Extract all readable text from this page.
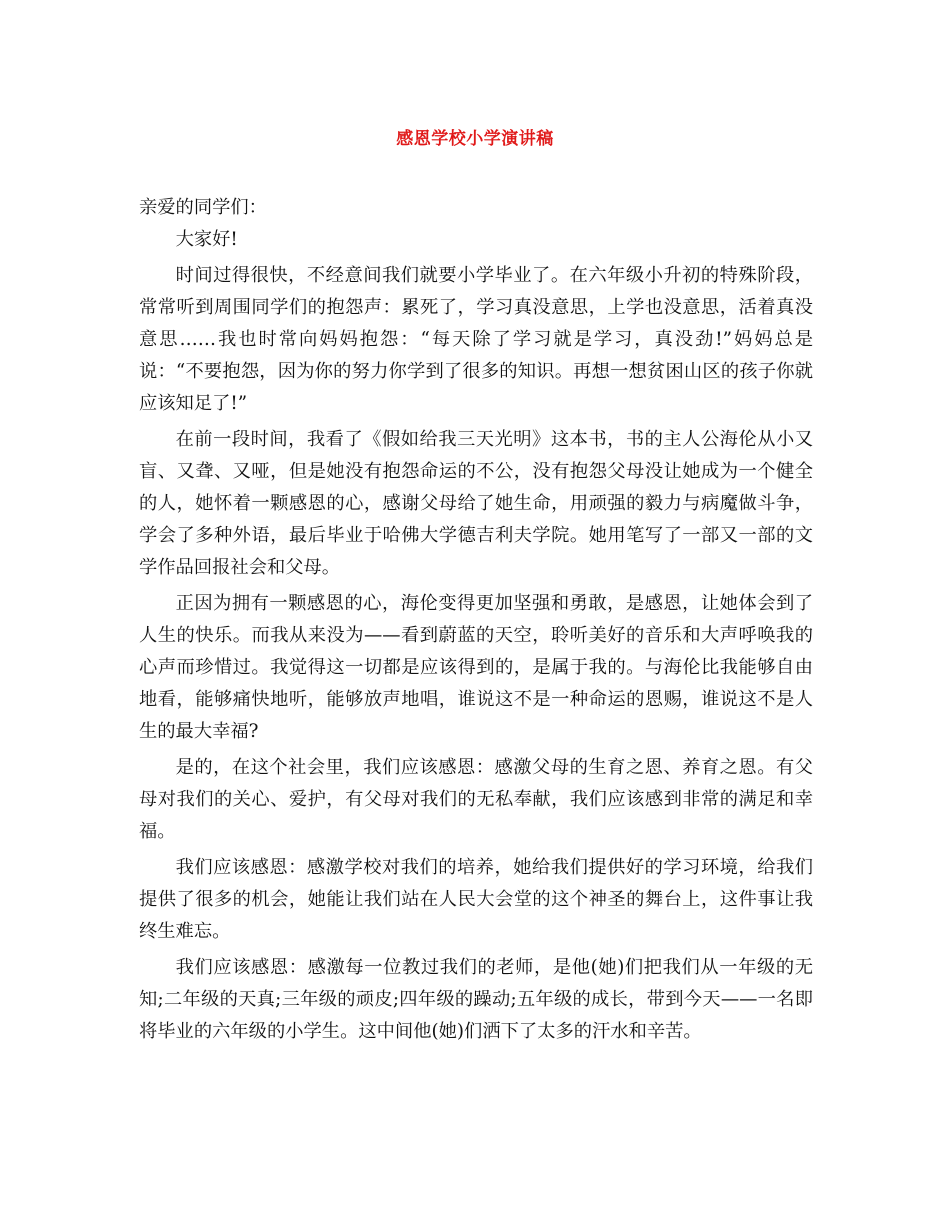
感恩学校小学演讲稿

亲爱的同学们：

大家好!

时间过得很快，不经意间我们就要小学毕业了。在六年级小升初的特殊阶段，常常听到周围同学们的抱怨声：累死了，学习真没意思，上学也没意思，活着真没意思……我也时常向妈妈抱怨：“每天除了学习就是学习，真没劲!”妈妈总是说：“不要抱怨，因为你的努力你学到了很多的知识。再想一想贫困山区的孩子你就应该知足了!”

在前一段时间，我看了《假如给我三天光明》这本书，书的主人公海伦从小又盲、又聋、又哑，但是她没有抱怨命运的不公，没有抱怨父母没让她成为一个健全的人，她怀着一颗感恩的心，感谢父母给了她生命，用顽强的毅力与病魔做斗争，学会了多种外语，最后毕业于哈佛大学德吉利夫学院。她用笔写了一部又一部的文学作品回报社会和父母。

正因为拥有一颗感恩的心，海伦变得更加坚强和勇敢，是感恩，让她体会到了人生的快乐。而我从来没为——看到蔚蓝的天空，聆听美好的音乐和大声呼唤我的心声而珍惜过。我觉得这一切都是应该得到的，是属于我的。与海伦比我能够自由地看，能够痛快地听，能够放声地唱，谁说这不是一种命运的恩赐，谁说这不是人生的最大幸福?

是的，在这个社会里，我们应该感恩：感激父母的生育之恩、养育之恩。有父母对我们的关心、爱护，有父母对我们的无私奉献，我们应该感到非常的满足和幸福。

我们应该感恩：感激学校对我们的培养，她给我们提供好的学习环境，给我们提供了很多的机会，她能让我们站在人民大会堂的这个神圣的舞台上，这件事让我终生难忘。

我们应该感恩：感激每一位教过我们的老师，是他(她)们把我们从一年级的无知;二年级的天真;三年级的顽皮;四年级的躁动;五年级的成长，带到今天——一名即将毕业的六年级的小学生。这中间他(她)们洒下了太多的汗水和辛苦。
